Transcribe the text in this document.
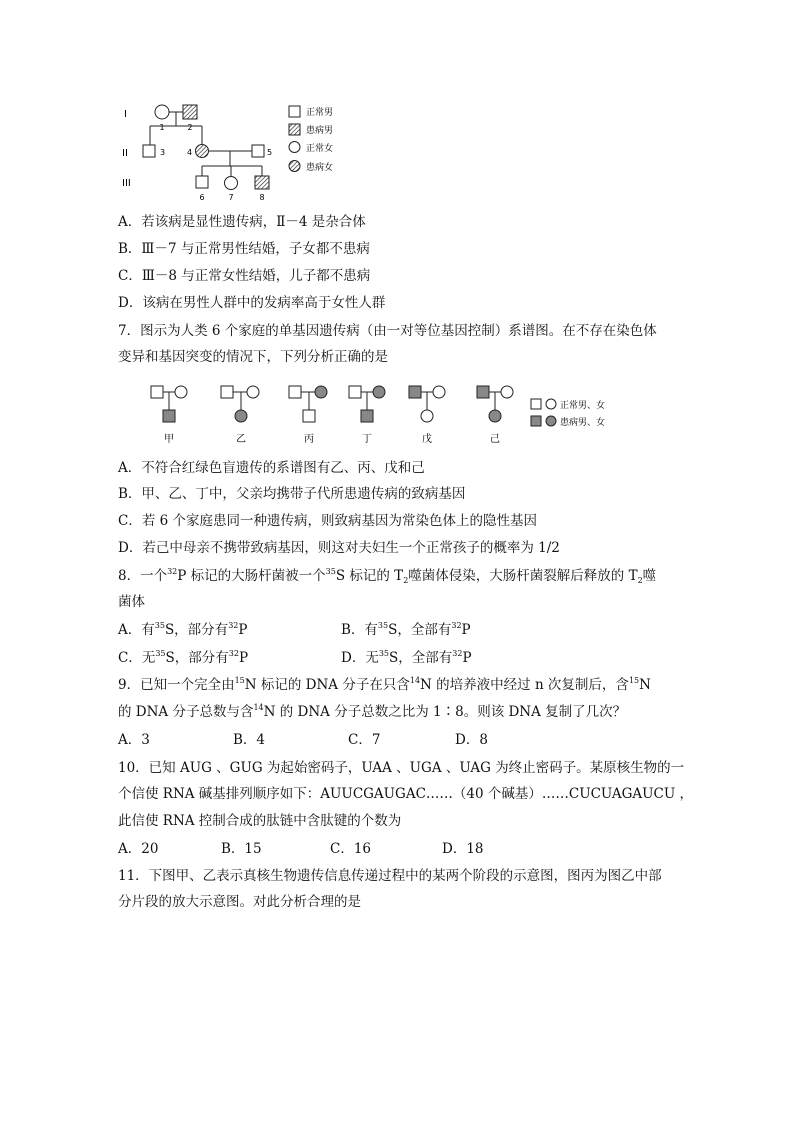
I
II
III
1	2
3	4	5
6	7	8
正常男
患病男
正常女
患病女
A．若该病是显性遗传病，Ⅱ－4 是杂合体
B．Ⅲ－7 与正常男性结婚，子女都不患病
C．Ⅲ－8 与正常女性结婚，儿子都不患病
D．该病在男性人群中的发病率高于女性人群
7．图示为人类 6 个家庭的单基因遗传病（由一对等位基因控制）系谱图。在不存在染色体
变异和基因突变的情况下，下列分析正确的是
甲	乙	丙	丁	戊	己
正常男、女
患病男、女
A．不符合红绿色盲遗传的系谱图有乙、丙、戊和己
B．甲、乙、丁中，父亲均携带子代所患遗传病的致病基因
C．若 6 个家庭患同一种遗传病，则致病基因为常染色体上的隐性基因
D．若己中母亲不携带致病基因，则这对夫妇生一个正常孩子的概率为 1/2
8．一个$^{32}$P 标记的大肠杆菌被一个$^{35}$S 标记的 $T_2$噬菌体侵染，大肠杆菌裂解后释放的 $T_2$噬
菌体
A．有$^{35}$S，部分有$^{32}$P	B．有$^{35}$S，全部有$^{32}$P
C．无$^{35}$S，部分有$^{32}$P	D．无$^{35}$S，全部有$^{32}$P
9．已知一个完全由$^{15}$N 标记的 DNA 分子在只含$^{14}$N 的培养液中经过 n 次复制后，含$^{15}$N
的 DNA 分子总数与含$^{14}$N 的 DNA 分子总数之比为 1∶8。则该 DNA 复制了几次？
A．3	B．4	C．7	D．8
10．已知 AUG 、GUG 为起始密码子，UAA 、UGA 、UAG 为终止密码子。某原核生物的一
个信使 RNA 碱基排列顺序如下：AUUCGAUGAC……（40 个碱基）……CUCUAGAUCU ，
此信使 RNA 控制合成的肽链中含肽键的个数为
A．20	B．15	C．16	D．18
11．下图甲、乙表示真核生物遗传信息传递过程中的某两个阶段的示意图，图丙为图乙中部
分片段的放大示意图。对此分析合理的是
